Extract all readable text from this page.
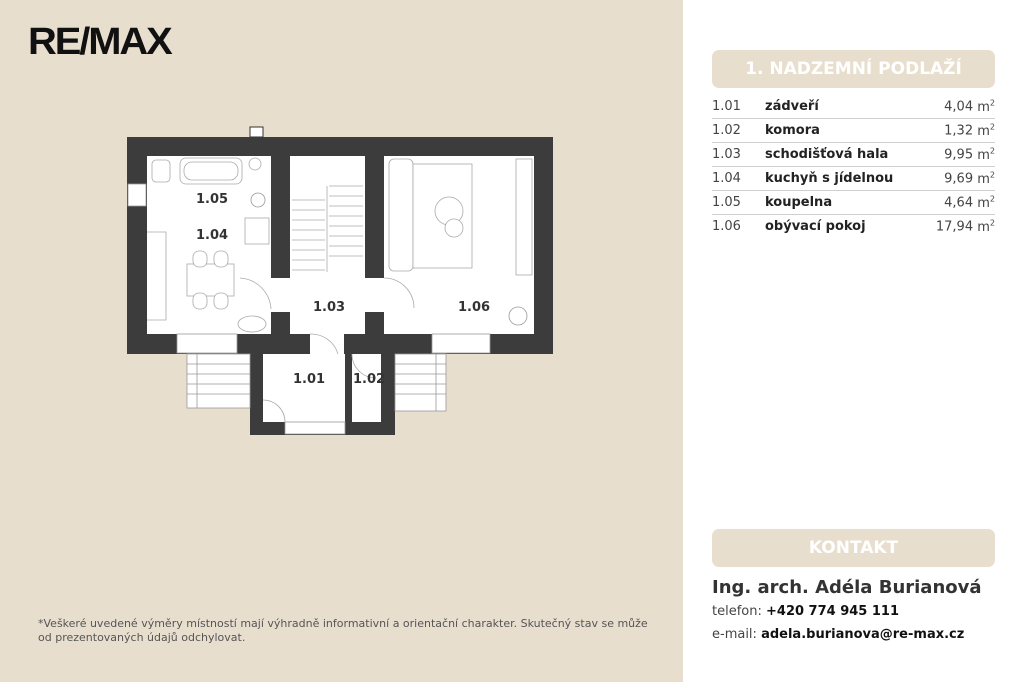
RE/MAX
1.05
1.04
1.03	1.06
1.01 1.02
*Veškeré uvedené výměry místností mají výhradně informativní a orientační charakter. Skutečný stav se může od prezentovaných údajů odchylovat.
1. NADZEMNÍ PODLAŽÍ
1.01	zádveří	4,04 $m^2$
1.02	komora	1,32 $m^2$
1.03	schodišťová hala	9,95 $m^2$
1.04	kuchyň s jídelnou	9,69 $m^2$
1.05	koupelna	4,64 $m^2$
1.06	obývací pokoj	17,94 $m^2$
KONTAKT
Ing. arch. Adéla Burianová
telefon: +420 774 945 111
e-mail: adela.burianova@re-max.cz
